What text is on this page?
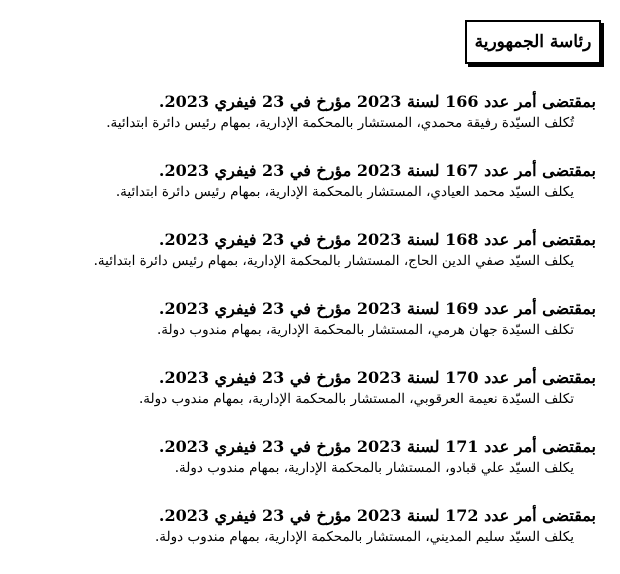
رئاسة الجمهورية
بمقتضى أمر عدد 166 لسنة 2023 مؤرخ في 23 فيفري 2023.
تُكلف السيّدة رفيقة محمدي، المستشار بالمحكمة الإدارية، بمهام رئيس دائرة ابتدائية.
بمقتضى أمر عدد 167 لسنة 2023 مؤرخ في 23 فيفري 2023.
يكلف السيّد محمد العيادي، المستشار بالمحكمة الإدارية، بمهام رئيس دائرة ابتدائية.
بمقتضى أمر عدد 168 لسنة 2023 مؤرخ في 23 فيفري 2023.
يكلف السيّد صفي الدين الحاج، المستشار بالمحكمة الإدارية، بمهام رئيس دائرة ابتدائية.
بمقتضى أمر عدد 169 لسنة 2023 مؤرخ في 23 فيفري 2023.
تكلف السيّدة جهان هرمي، المستشار بالمحكمة الإدارية، بمهام مندوب دولة.
بمقتضى أمر عدد 170 لسنة 2023 مؤرخ في 23 فيفري 2023.
تكلف السيّدة نعيمة العرقوبي، المستشار بالمحكمة الإدارية، بمهام مندوب دولة.
بمقتضى أمر عدد 171 لسنة 2023 مؤرخ في 23 فيفري 2023.
يكلف السيّد علي قبادو، المستشار بالمحكمة الإدارية، بمهام مندوب دولة.
بمقتضى أمر عدد 172 لسنة 2023 مؤرخ في 23 فيفري 2023.
يكلف السيّد سليم المديني، المستشار بالمحكمة الإدارية، بمهام مندوب دولة.
